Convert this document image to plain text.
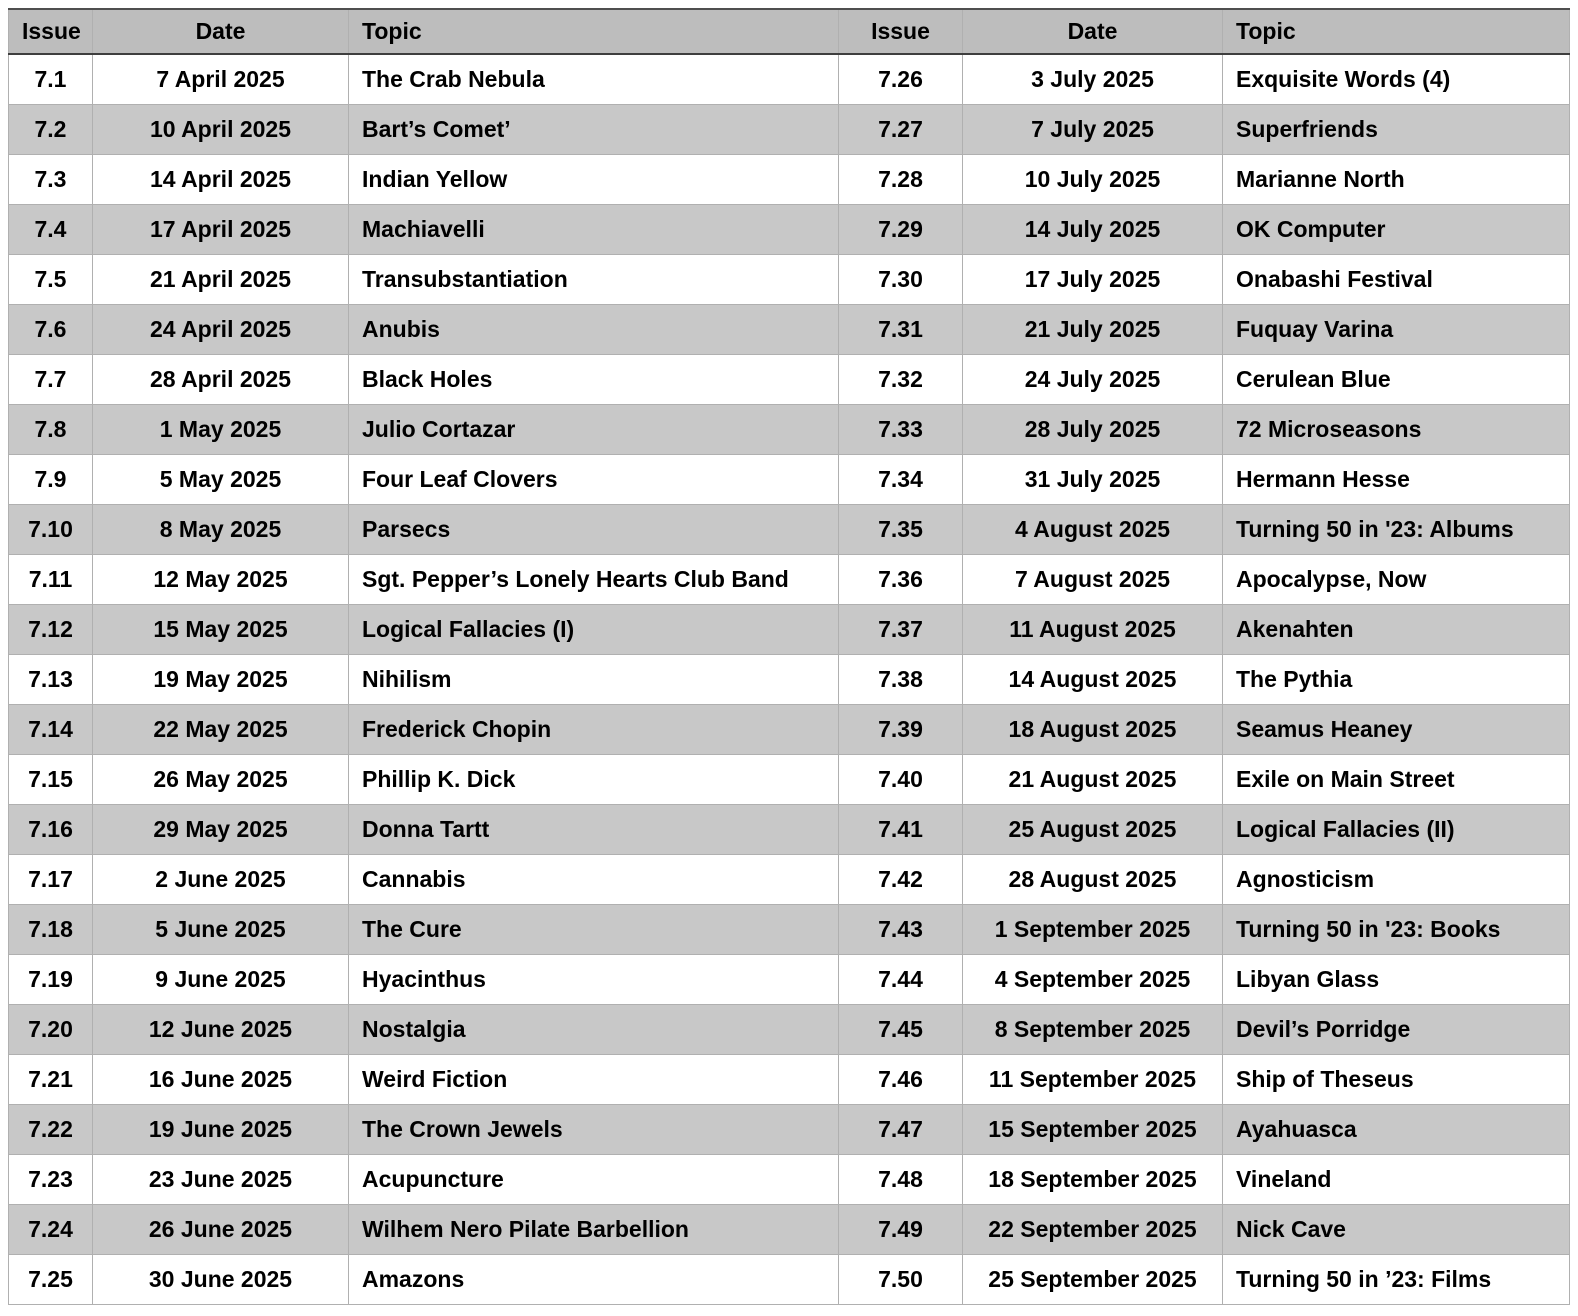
Issue	Date	Topic	Issue	Date	Topic
7.1	7 April 2025	The Crab Nebula	7.26	3 July 2025	Exquisite Words (4)
7.2	10 April 2025	Bart’s Comet’	7.27	7 July 2025	Superfriends
7.3	14 April 2025	Indian Yellow	7.28	10 July 2025	Marianne North
7.4	17 April 2025	Machiavelli	7.29	14 July 2025	OK Computer
7.5	21 April 2025	Transubstantiation	7.30	17 July 2025	Onabashi Festival
7.6	24 April 2025	Anubis	7.31	21 July 2025	Fuquay Varina
7.7	28 April 2025	Black Holes	7.32	24 July 2025	Cerulean Blue
7.8	1 May 2025	Julio Cortazar	7.33	28 July 2025	72 Microseasons
7.9	5 May 2025	Four Leaf Clovers	7.34	31 July 2025	Hermann Hesse
7.10	8 May 2025	Parsecs	7.35	4 August 2025	Turning 50 in '23: Albums
7.11	12 May 2025	Sgt. Pepper’s Lonely Hearts Club Band	7.36	7 August 2025	Apocalypse, Now
7.12	15 May 2025	Logical Fallacies (I)	7.37	11 August 2025	Akenahten
7.13	19 May 2025	Nihilism	7.38	14 August 2025	The Pythia
7.14	22 May 2025	Frederick Chopin	7.39	18 August 2025	Seamus Heaney
7.15	26 May 2025	Phillip K. Dick	7.40	21 August 2025	Exile on Main Street
7.16	29 May 2025	Donna Tartt	7.41	25 August 2025	Logical Fallacies (II)
7.17	2 June 2025	Cannabis	7.42	28 August 2025	Agnosticism
7.18	5 June 2025	The Cure	7.43	1 September 2025	Turning 50 in '23: Books
7.19	9 June 2025	Hyacinthus	7.44	4 September 2025	Libyan Glass
7.20	12 June 2025	Nostalgia	7.45	8 September 2025	Devil’s Porridge
7.21	16 June 2025	Weird Fiction	7.46	11 September 2025	Ship of Theseus
7.22	19 June 2025	The Crown Jewels	7.47	15 September 2025	Ayahuasca
7.23	23 June 2025	Acupuncture	7.48	18 September 2025	Vineland
7.24	26 June 2025	Wilhem Nero Pilate Barbellion	7.49	22 September 2025	Nick Cave
7.25	30 June 2025	Amazons	7.50	25 September 2025	Turning 50 in ’23: Films
